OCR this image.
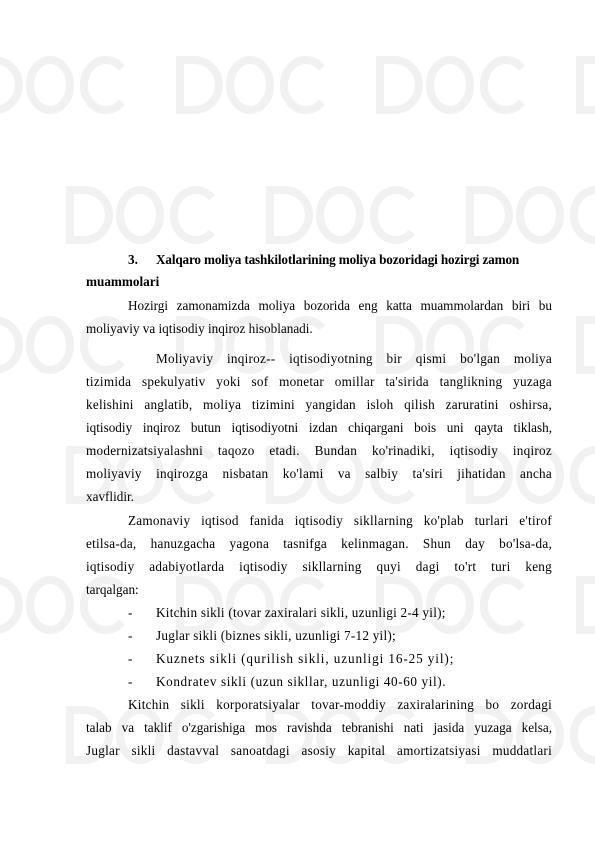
3. Xalqaro moliya tashkilotlarining moliya bozoridagi hozirgi zamon
muammolari
Hozirgi zamonamizda moliya bozorida eng katta muammolardan biri bu
moliyaviy va iqtisodiy inqiroz hisoblanadi.
Moliyaviy inqiroz-- iqtisodiyotning bir qismi bo'lgan moliya
tizimida spekulyativ yoki sof monetar omillar ta'sirida tanglikning yuzaga
kelishini anglatib, moliya tizimini yangidan isloh qilish zaruratini oshirsa,
iqtisodiy inqiroz butun iqtisodiyotni izdan chiqargani bois uni qayta tiklash,
modernizatsiyalashni taqozo etadi. Bundan ko'rinadiki, iqtisodiy inqiroz
moliyaviy inqirozga nisbatan ko'lami va salbiy ta'siri jihatidan ancha
xavflidir.
Zamonaviy iqtisod fanida iqtisodiy sikllarning ko'plab turlari e'tirof
etilsa-da, hanuzgacha yagona tasnifga kelinmagan. Shun day bo'lsa-da,
iqtisodiy adabiyotlarda iqtisodiy sikllarning quyi dagi to'rt turi keng
tarqalgan:
- Kitchin sikli (tovar zaxiralari sikli, uzunligi 2-4 yil);
- Juglar sikli (biznes sikli, uzunligi 7-12 yil);
- Kuznets sikli (qurilish sikli, uzunligi 16-25 yil);
- Kondratev sikli (uzun sikllar, uzunligi 40-60 yil).
Kitchin sikli korporatsiyalar tovar-moddiy zaxiralarining bo zordagi
talab va taklif o'zgarishiga mos ravishda tebranishi nati jasida yuzaga kelsa,
Juglar sikli dastavval sanoatdagi asosiy kapital amortizatsiyasi muddatlari
